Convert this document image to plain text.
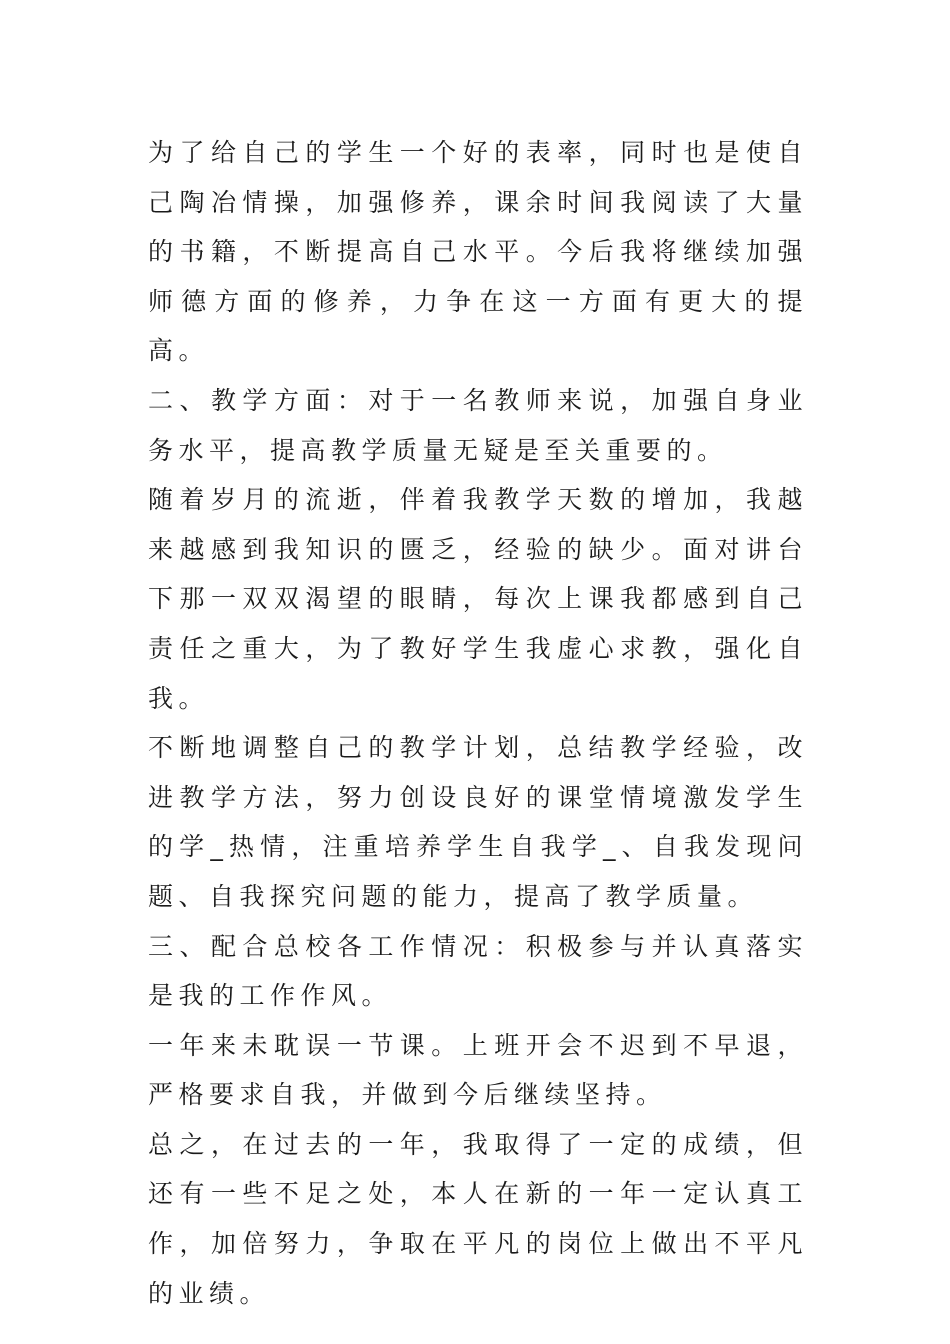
为了给自己的学生一个好的表率，同时也是使自己陶冶情操，加强修养，课余时间我阅读了大量的书籍，不断提高自己水平。今后我将继续加强师德方面的修养，力争在这一方面有更大的提高。

二、教学方面：对于一名教师来说，加强自身业务水平，提高教学质量无疑是至关重要的。

随着岁月的流逝，伴着我教学天数的增加，我越来越感到我知识的匮乏，经验的缺少。面对讲台下那一双双渴望的眼睛，每次上课我都感到自己责任之重大，为了教好学生我虚心求教，强化自我。

不断地调整自己的教学计划，总结教学经验，改进教学方法，努力创设良好的课堂情境激发学生的学_热情，注重培养学生自我学_、自我发现问题、自我探究问题的能力，提高了教学质量。

三、配合总校各工作情况：积极参与并认真落实是我的工作作风。

一年来未耽误一节课。上班开会不迟到不早退，严格要求自我，并做到今后继续坚持。

总之，在过去的一年，我取得了一定的成绩，但还有一些不足之处，本人在新的一年一定认真工作，加倍努力，争取在平凡的岗位上做出不平凡的业绩。
